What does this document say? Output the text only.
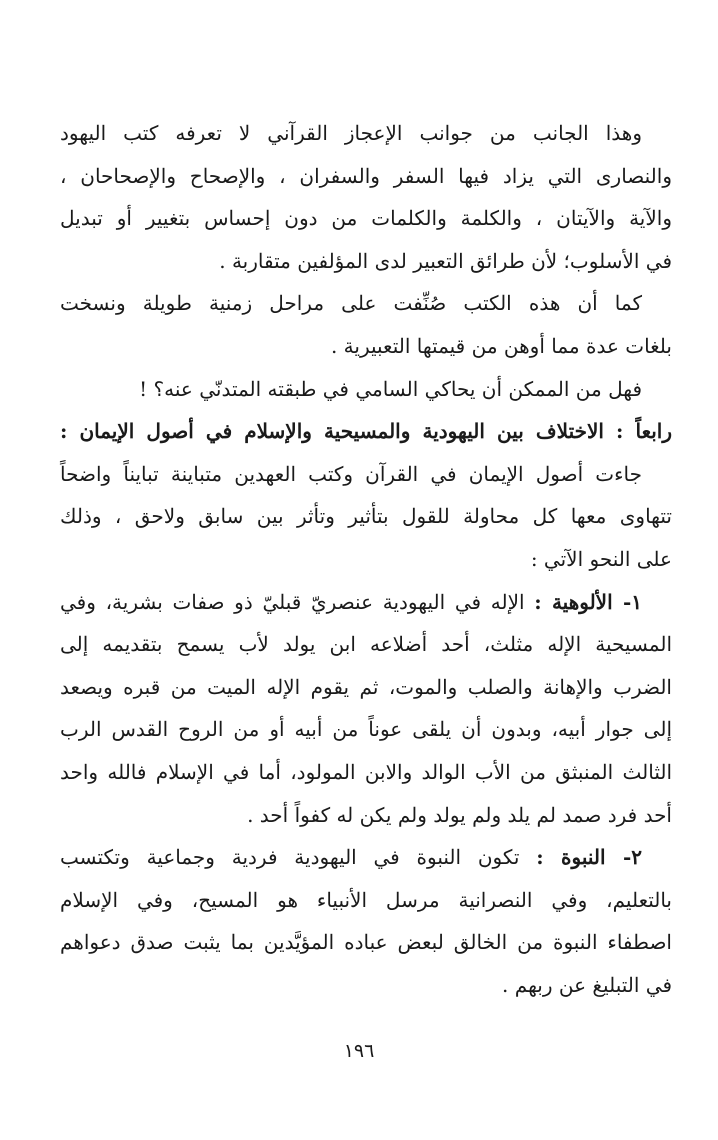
وهذا الجانب من جوانب الإعجاز القرآني لا تعرفه كتب اليهود
والنصارى التي يزاد فيها السفر والسفران ، والإصحاح والإصحاحان ،
والآية والآيتان ، والكلمة والكلمات من دون إحساس بتغيير أو تبديل
في الأسلوب؛ لأن طرائق التعبير لدى المؤلفين متقاربة .
كما أن هذه الكتب صُنِّفت على مراحل زمنية طويلة ونسخت
بلغات عدة مما أوهن من قيمتها التعبيرية .
فهل من الممكن أن يحاكي السامي في طبقته المتدنّي عنه؟ !
رابعاً : الاختلاف بين اليهودية والمسيحية والإسلام في أصول الإيمان :
جاءت أصول الإيمان في القرآن وكتب العهدين متباينة تبايناً واضحاً
تتهاوى معها كل محاولة للقول بتأثير وتأثر بين سابق ولاحق ، وذلك
على النحو الآتي :
١- الألوهية : الإله في اليهودية عنصريّ قبليّ ذو صفات بشرية، وفي
المسيحية الإله مثلث، أحد أضلاعه ابن يولد لأب يسمح بتقديمه إلى
الضرب والإهانة والصلب والموت، ثم يقوم الإله الميت من قبره ويصعد
إلى جوار أبيه، وبدون أن يلقى عوناً من أبيه أو من الروح القدس الرب
الثالث المنبثق من الأب الوالد والابن المولود، أما في الإسلام فالله واحد
أحد فرد صمد لم يلد ولم يولد ولم يكن له كفواً أحد .
٢- النبوة : تكون النبوة في اليهودية فردية وجماعية وتكتسب
بالتعليم، وفي النصرانية مرسل الأنبياء هو المسيح، وفي الإسلام
اصطفاء النبوة من الخالق لبعض عباده المؤيَّدين بما يثبت صدق دعواهم
في التبليغ عن ربهم .
١٩٦
